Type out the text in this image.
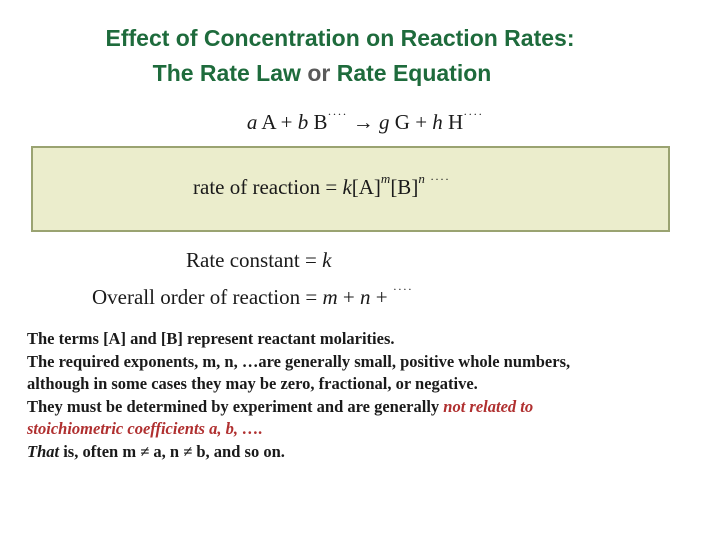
Effect of Concentration on Reaction Rates:
The Rate Law or Rate Equation
a A + b B···· → g G + h H····
rate of reaction = $k[A]^m[B]^n$ ····
Rate constant = k
Overall order of reaction = m + n + ····

The terms [A] and [B] represent reactant molarities.

The required exponents, m, n, …are generally small, positive whole numbers,

although in some cases they may be zero, fractional, or negative.

They must be determined by experiment and are generally not related to

stoichiometric coefficients a, b, ….

That is, often m ≠ a, n ≠ b, and so on.
